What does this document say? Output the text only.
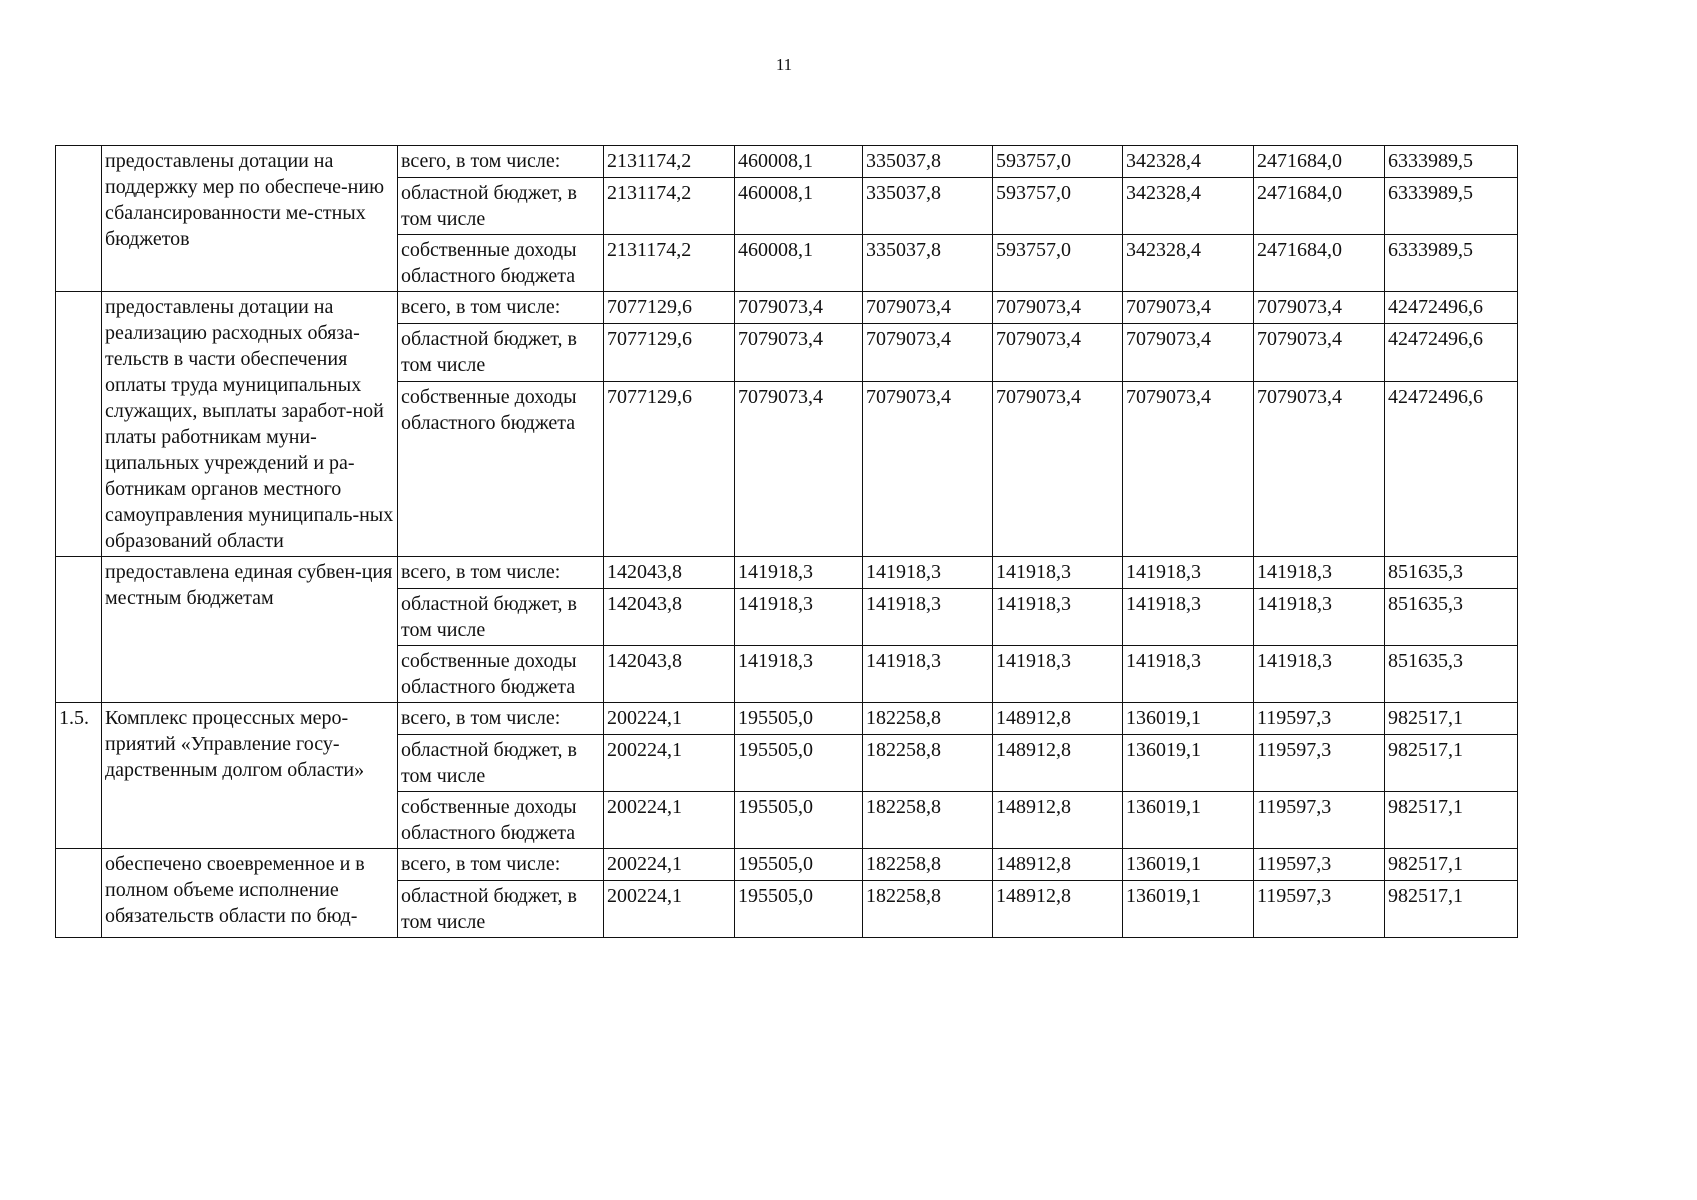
11
	предоставлены дотации на поддержку мер по обеспече-нию сбалансированности ме-стных бюджетов	всего, в том числе:	2131174,2	460008,1	335037,8	593757,0	342328,4	2471684,0	6333989,5
		областной бюджет, в том числе	2131174,2	460008,1	335037,8	593757,0	342328,4	2471684,0	6333989,5
		собственные доходы областного бюджета	2131174,2	460008,1	335037,8	593757,0	342328,4	2471684,0	6333989,5
	предоставлены дотации на реализацию расходных обяза-тельств в части обеспечения оплаты труда муниципальных служащих, выплаты заработ-ной платы работникам муни-ципальных учреждений и ра-ботникам органов местного самоуправления муниципаль-ных образований области	всего, в том числе:	7077129,6	7079073,4	7079073,4	7079073,4	7079073,4	7079073,4	42472496,6
		областной бюджет, в том числе	7077129,6	7079073,4	7079073,4	7079073,4	7079073,4	7079073,4	42472496,6
		собственные доходы областного бюджета	7077129,6	7079073,4	7079073,4	7079073,4	7079073,4	7079073,4	42472496,6
	предоставлена единая субвен-ция местным бюджетам	всего, в том числе:	142043,8	141918,3	141918,3	141918,3	141918,3	141918,3	851635,3
		областной бюджет, в том числе	142043,8	141918,3	141918,3	141918,3	141918,3	141918,3	851635,3
		собственные доходы областного бюджета	142043,8	141918,3	141918,3	141918,3	141918,3	141918,3	851635,3
1.5.	Комплекс процессных меро-приятий «Управление госу-дарственным долгом области»	всего, в том числе:	200224,1	195505,0	182258,8	148912,8	136019,1	119597,3	982517,1
		областной бюджет, в том числе	200224,1	195505,0	182258,8	148912,8	136019,1	119597,3	982517,1
		собственные доходы областного бюджета	200224,1	195505,0	182258,8	148912,8	136019,1	119597,3	982517,1
	обеспечено своевременное и в полном объеме исполнение обязательств области по бюд-	всего, в том числе:	200224,1	195505,0	182258,8	148912,8	136019,1	119597,3	982517,1
		областной бюджет, в том числе	200224,1	195505,0	182258,8	148912,8	136019,1	119597,3	982517,1
